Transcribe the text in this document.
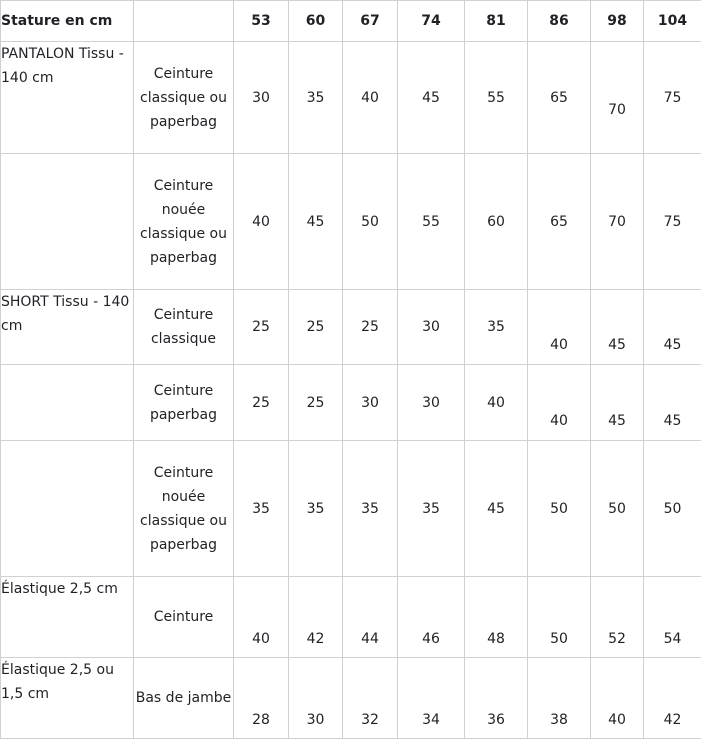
Stature en cm		53	60	67	74	81	86	98	104
PANTALON Tissu - 140 cm	Ceinture classique ou paperbag	30	35	40	45	55	65	70	75
	Ceinture nouée classique ou paperbag	40	45	50	55	60	65	70	75
SHORT Tissu - 140 cm	Ceinture classique	25	25	25	30	35	40	45	45
	Ceinture paperbag	25	25	30	30	40	40	45	45
	Ceinture nouée classique ou paperbag	35	35	35	35	45	50	50	50
Élastique 2,5 cm	Ceinture	40	42	44	46	48	50	52	54
Élastique 2,5 ou 1,5 cm	Bas de jambe	28	30	32	34	36	38	40	42
